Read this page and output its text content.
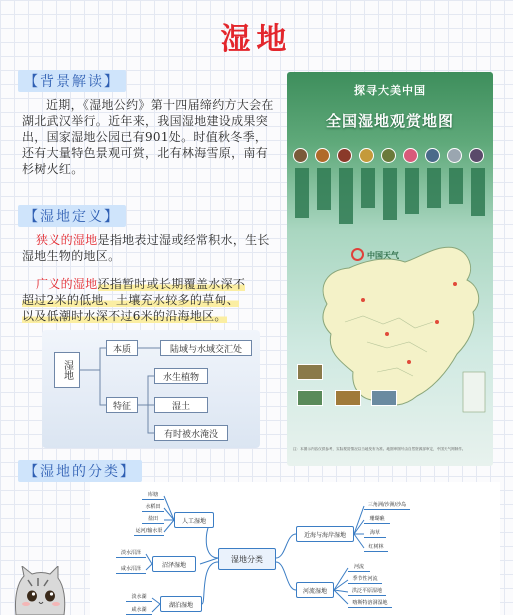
湿地
【背景解读】
近期，《湿地公约》第十四届缔约方大会在湖北武汉举行。近年来，我国湿地建设成果突出，国家湿地公园已有901处。时值秋冬季，还有大量特色景观可赏，北有林海雪原，南有杉树火红。
【湿地定义】
狭义的湿地是指地表过湿或经常积水，生长湿地生物的地区。
广义的湿地还指暂时或长期覆盖水深不
超过2米的低地、土壤充水较多的草甸、
以及低潮时水深不过6米的沿海地区。
湿地
本质	陆域与水域交汇处
特征
水生植物
湿土
有时被水淹没
探寻大美中国
全国湿地观赏地图
中国天气
注：本图示内容仅供参考，实际观赏情况以当地发布为准。地图审图号由自然资源部审定，中国天气网制作。
【湿地的分类】
湿地分类
人工湿地
库塘
水稻田
盐田
运河/输水渠
沼泽湿地
淡水沼泽
咸水沼泽
湖泊湿地
淡水湖
咸水湖
近海与海岸湿地
三角洲/沙洲/沙岛
珊瑚礁
海草
红树林
河流湿地
河流
季节性河流
洪泛平原湿地
喀斯特溶洞湿地
